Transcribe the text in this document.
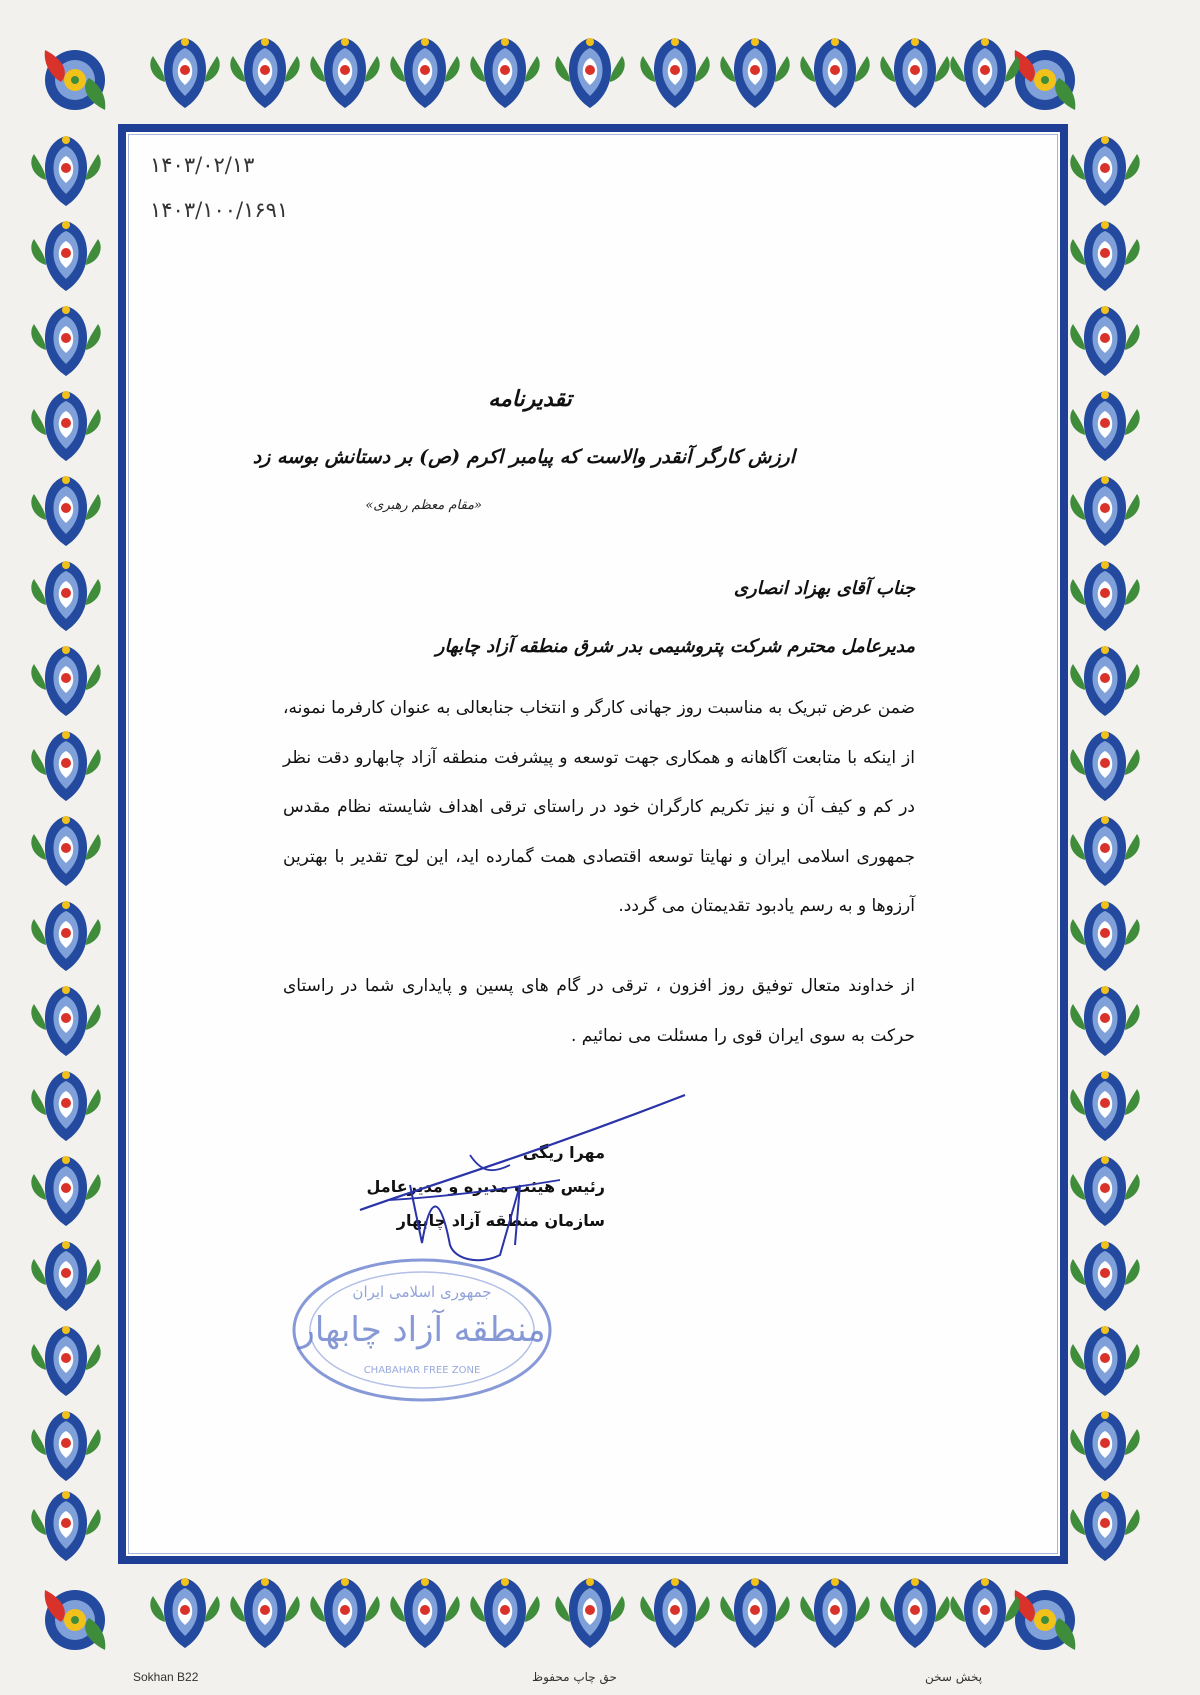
۱۴۰۳/۰۲/۱۳
۱۴۰۳/۱۰۰/۱۶۹۱
تقدیرنامه
ارزش کارگر آنقدر والاست که پیامبر اکرم (ص) بر دستانش بوسه زد
«مقام معظم رهبری»
جناب آقای بهزاد انصاری
مدیرعامل محترم شرکت پتروشیمی بدر شرق منطقه آزاد چابهار

ضمن عرض تبریک به مناسبت روز جهانی کارگر و انتخاب جنابعالی به عنوان کارفرما نمونه، از اینکه با متابعت آگاهانه و همکاری جهت توسعه و پیشرفت منطقه آزاد چابهارو دقت نظر در کم و کیف آن و نیز تکریم کارگران خود در راستای ترقی اهداف شایسته نظام مقدس جمهوری اسلامی ایران و نهایتا توسعه اقتصادی همت گمارده اید، این لوح تقدیر با بهترین آرزوها و به رسم یادبود تقدیمتان می گردد.

از خداوند متعال توفیق روز افزون ، ترقی در گام های پسین و پایداری شما در راستای حرکت به سوی ایران قوی را مسئلت می نمائیم .

جمهوری اسلامی ایران
منطقه آزاد چابهار
CHABAHAR FREE ZONE
مهرا ریگی
رئیس هیئت مدیره و مدیرعامل
سازمان منطقه آزاد چابهار
Sokhan B22	حق چاپ محفوظ	پخش سخن
